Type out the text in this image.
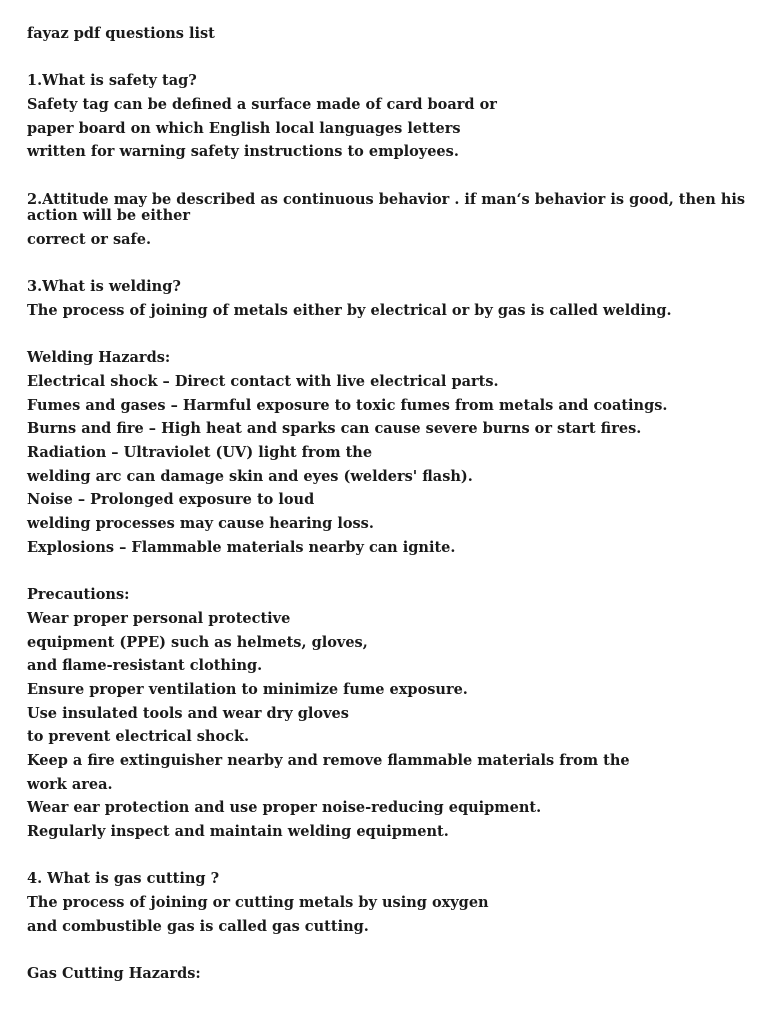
fayaz pdf questions list
1.What is safety tag?
Safety tag can be defined a surface made of card board or
paper board on which English local languages letters
written for warning safety instructions to employees.
2.Attitude may be described as continuous behavior . if man‘s behavior is good, then his action will be either
correct or safe.
3.What is welding?
The process of joining of metals either by electrical or by gas is called welding.
Welding Hazards:
Electrical shock – Direct contact with live electrical parts.
Fumes and gases – Harmful exposure to toxic fumes from metals and coatings.
Burns and fire – High heat and sparks can cause severe burns or start fires.
Radiation – Ultraviolet (UV) light from the
welding arc can damage skin and eyes (welders' flash).
Noise – Prolonged exposure to loud
welding processes may cause hearing loss.
Explosions – Flammable materials nearby can ignite.
Precautions:
Wear proper personal protective
equipment (PPE) such as helmets, gloves,
and flame-resistant clothing.
Ensure proper ventilation to minimize fume exposure.
Use insulated tools and wear dry gloves
to prevent electrical shock.
Keep a fire extinguisher nearby and remove flammable materials from the
work area.
Wear ear protection and use proper noise-reducing equipment.
Regularly inspect and maintain welding equipment.
4. What is gas cutting ?
The process of joining or cutting metals by using oxygen
and combustible gas is called gas cutting.
Gas Cutting Hazards:
